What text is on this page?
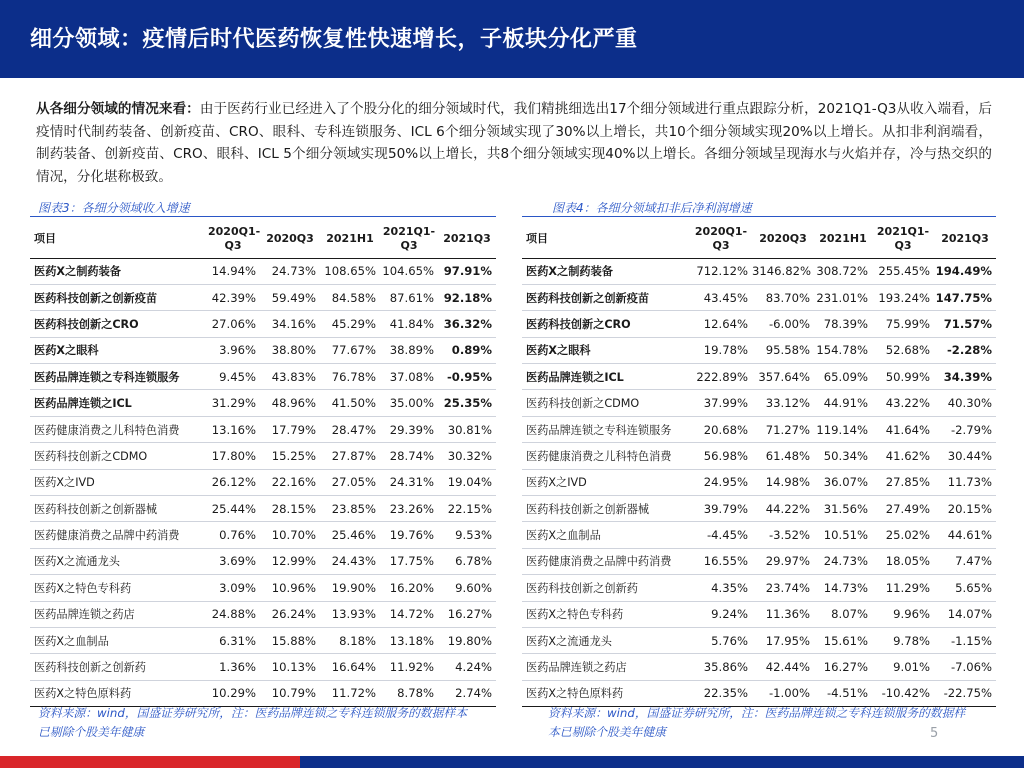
细分领域：疫情后时代医药恢复性快速增长，子板块分化严重
从各细分领域的情况来看：由于医药行业已经进入了个股分化的细分领域时代，我们精挑细选出17个细分领域进行重点跟踪分析，2021Q1-Q3从收入端看，后疫情时代制药装备、创新疫苗、CRO、眼科、专科连锁服务、ICL 6个细分领域实现了30%以上增长，共10个细分领域实现20%以上增长。从扣非利润端看，制药装备、创新疫苗、CRO、眼科、ICL 5个细分领域实现50%以上增长，共8个细分领域实现40%以上增长。各细分领域呈现海水与火焰并存，冷与热交织的情况，分化堪称极致。
图表3：各细分领域收入增速	图表4：各细分领域扣非后净利润增速
项目	2020Q1-Q3	2020Q3	2021H1	2021Q1-Q3	2021Q3
医药X之制药装备	14.94%	24.73%	108.65%	104.65%	97.91%
医药科技创新之创新疫苗	42.39%	59.49%	84.58%	87.61%	92.18%
医药科技创新之CRO	27.06%	34.16%	45.29%	41.84%	36.32%
医药X之眼科	3.96%	38.80%	77.67%	38.89%	0.89%
医药品牌连锁之专科连锁服务	9.45%	43.83%	76.78%	37.08%	-0.95%
医药品牌连锁之ICL	31.29%	48.96%	41.50%	35.00%	25.35%
医药健康消费之儿科特色消费	13.16%	17.79%	28.47%	29.39%	30.81%
医药科技创新之CDMO	17.80%	15.25%	27.87%	28.74%	30.32%
医药X之IVD	26.12%	22.16%	27.05%	24.31%	19.04%
医药科技创新之创新器械	25.44%	28.15%	23.85%	23.26%	22.15%
医药健康消费之品牌中药消费	0.76%	10.70%	25.46%	19.76%	9.53%
医药X之流通龙头	3.69%	12.99%	24.43%	17.75%	6.78%
医药X之特色专科药	3.09%	10.96%	19.90%	16.20%	9.60%
医药品牌连锁之药店	24.88%	26.24%	13.93%	14.72%	16.27%
医药X之血制品	6.31%	15.88%	8.18%	13.18%	19.80%
医药科技创新之创新药	1.36%	10.13%	16.64%	11.92%	4.24%
医药X之特色原料药	10.29%	10.79%	11.72%	8.78%	2.74%
项目	2020Q1-Q3	2020Q3	2021H1	2021Q1-Q3	2021Q3
医药X之制药装备	712.12%	3146.82%	308.72%	255.45%	194.49%
医药科技创新之创新疫苗	43.45%	83.70%	231.01%	193.24%	147.75%
医药科技创新之CRO	12.64%	-6.00%	78.39%	75.99%	71.57%
医药X之眼科	19.78%	95.58%	154.78%	52.68%	-2.28%
医药品牌连锁之ICL	222.89%	357.64%	65.09%	50.99%	34.39%
医药科技创新之CDMO	37.99%	33.12%	44.91%	43.22%	40.30%
医药品牌连锁之专科连锁服务	20.68%	71.27%	119.14%	41.64%	-2.79%
医药健康消费之儿科特色消费	56.98%	61.48%	50.34%	41.62%	30.44%
医药X之IVD	24.95%	14.98%	36.07%	27.85%	11.73%
医药科技创新之创新器械	39.79%	44.22%	31.56%	27.49%	20.15%
医药X之血制品	-4.45%	-3.52%	10.51%	25.02%	44.61%
医药健康消费之品牌中药消费	16.55%	29.97%	24.73%	18.05%	7.47%
医药科技创新之创新药	4.35%	23.74%	14.73%	11.29%	5.65%
医药X之特色专科药	9.24%	11.36%	8.07%	9.96%	14.07%
医药X之流通龙头	5.76%	17.95%	15.61%	9.78%	-1.15%
医药品牌连锁之药店	35.86%	42.44%	16.27%	9.01%	-7.06%
医药X之特色原料药	22.35%	-1.00%	-4.51%	-10.42%	-22.75%
资料来源：wind，国盛证券研究所，注：医药品牌连锁之专科连锁服务的数据样本已剔除个股美年健康
资料来源：wind，国盛证券研究所，注：医药品牌连锁之专科连锁服务的数据样本已剔除个股美年健康	5
